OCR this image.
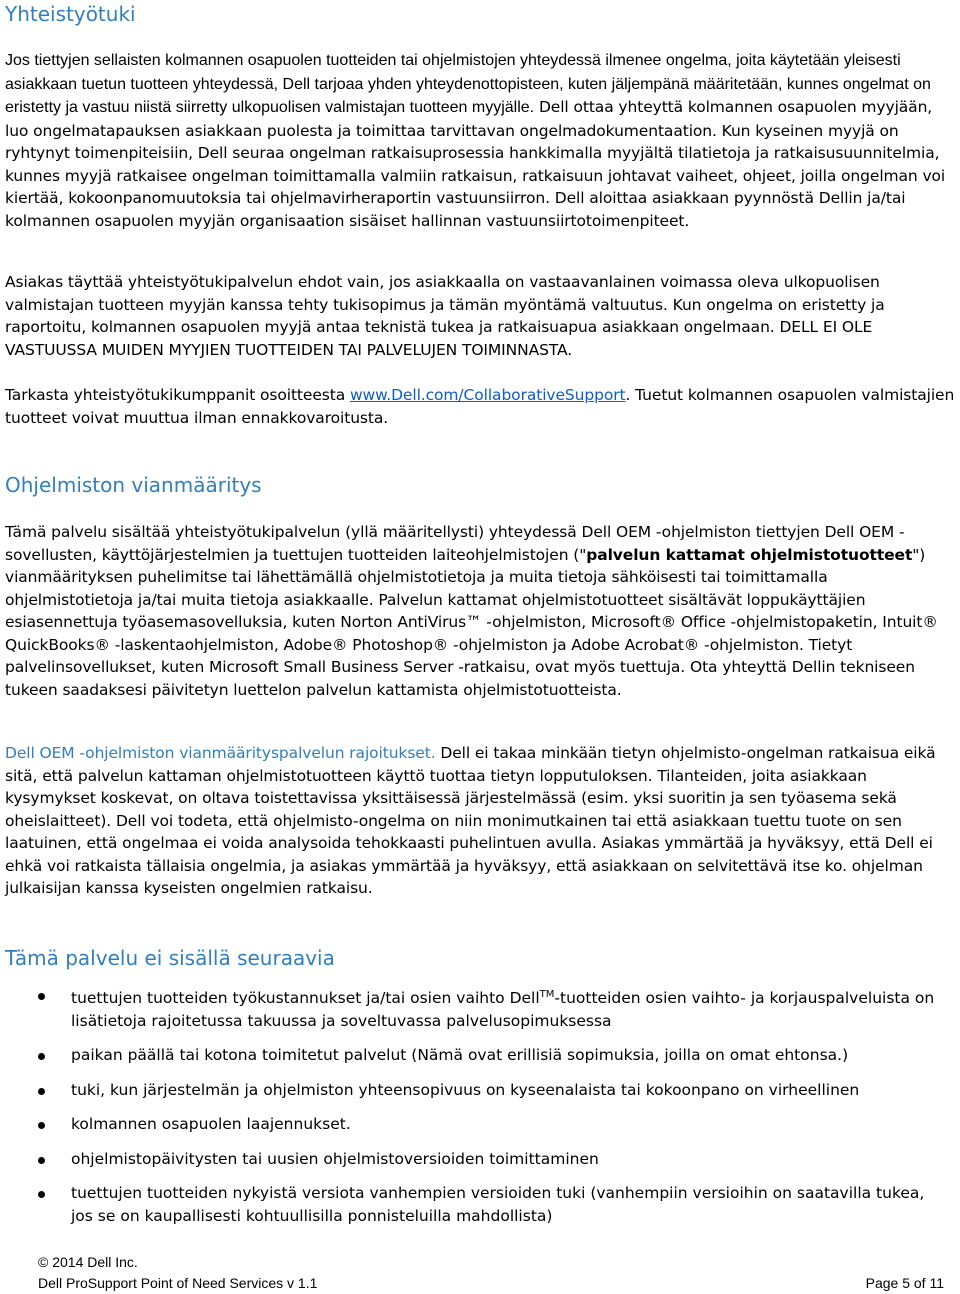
Yhteistyötuki

Jos tiettyjen sellaisten kolmannen osapuolen tuotteiden tai ohjelmistojen yhteydessä ilmenee ongelma, joita käytetään yleisesti asiakkaan tuetun tuotteen yhteydessä, Dell tarjoaa yhden yhteydenottopisteen, kuten jäljempänä määritetään, kunnes ongelmat on eristetty ja vastuu niistä siirretty ulkopuolisen valmistajan tuotteen myyjälle. Dell ottaa yhteyttä kolmannen osapuolen myyjään, luo ongelmatapauksen asiakkaan puolesta ja toimittaa tarvittavan ongelmadokumentaation. Kun kyseinen myyjä on ryhtynyt toimenpiteisiin, Dell seuraa ongelman ratkaisuprosessia hankkimalla myyjältä tilatietoja ja ratkaisusuunnitelmia, kunnes myyjä ratkaisee ongelman toimittamalla valmiin ratkaisun, ratkaisuun johtavat vaiheet, ohjeet, joilla ongelman voi kiertää, kokoonpanomuutoksia tai ohjelmavirheraportin vastuunsiirron. Dell aloittaa asiakkaan pyynnöstä Dellin ja/tai kolmannen osapuolen myyjän organisaation sisäiset hallinnan vastuunsiirtotoimenpiteet.

Asiakas täyttää yhteistyötukipalvelun ehdot vain, jos asiakkaalla on vastaavanlainen voimassa oleva ulkopuolisen valmistajan tuotteen myyjän kanssa tehty tukisopimus ja tämän myöntämä valtuutus. Kun ongelma on eristetty ja raportoitu, kolmannen osapuolen myyjä antaa teknistä tukea ja ratkaisuapua asiakkaan ongelmaan. DELL EI OLE VASTUUSSA MUIDEN MYYJIEN TUOTTEIDEN TAI PALVELUJEN TOIMINNASTA.

Tarkasta yhteistyötukikumppanit osoitteesta www.Dell.com/CollaborativeSupport. Tuetut kolmannen osapuolen valmistajien tuotteet voivat muuttua ilman ennakkovaroitusta.

Ohjelmiston vianmääritys

Tämä palvelu sisältää yhteistyötukipalvelun (yllä määritellysti) yhteydessä Dell OEM -ohjelmiston tiettyjen Dell OEM -sovellusten, käyttöjärjestelmien ja tuettujen tuotteiden laiteohjelmistojen ("palvelun kattamat ohjelmistotuotteet") vianmäärityksen puhelimitse tai lähettämällä ohjelmistotietoja ja muita tietoja sähköisesti tai toimittamalla ohjelmistotietoja ja/tai muita tietoja asiakkaalle. Palvelun kattamat ohjelmistotuotteet sisältävät loppukäyttäjien esiasennettuja työasemasovelluksia, kuten Norton AntiVirus™ -ohjelmiston, Microsoft® Office -ohjelmistopaketin, Intuit® QuickBooks® -laskentaohjelmiston, Adobe® Photoshop® -ohjelmiston ja Adobe Acrobat® -ohjelmiston. Tietyt palvelinsovellukset, kuten Microsoft Small Business Server -ratkaisu, ovat myös tuettuja. Ota yhteyttä Dellin tekniseen tukeen saadaksesi päivitetyn luettelon palvelun kattamista ohjelmistotuotteista.

Dell OEM -ohjelmiston vianmäärityspalvelun rajoitukset. Dell ei takaa minkään tietyn ohjelmisto-ongelman ratkaisua eikä sitä, että palvelun kattaman ohjelmistotuotteen käyttö tuottaa tietyn lopputuloksen. Tilanteiden, joita asiakkaan kysymykset koskevat, on oltava toistettavissa yksittäisessä järjestelmässä (esim. yksi suoritin ja sen työasema sekä oheislaitteet). Dell voi todeta, että ohjelmisto-ongelma on niin monimutkainen tai että asiakkaan tuettu tuote on sen laatuinen, että ongelmaa ei voida analysoida tehokkaasti puhelintuen avulla. Asiakas ymmärtää ja hyväksyy, että Dell ei ehkä voi ratkaista tällaisia ongelmia, ja asiakas ymmärtää ja hyväksyy, että asiakkaan on selvitettävä itse ko. ohjelman julkaisijan kanssa kyseisten ongelmien ratkaisu.

Tämä palvelu ei sisällä seuraavia
tuettujen tuotteiden työkustannukset ja/tai osien vaihto Dell™-tuotteiden osien vaihto- ja korjauspalveluista on lisätietoja rajoitetussa takuussa ja soveltuvassa palvelusopimuksessa
paikan päällä tai kotona toimitetut palvelut (Nämä ovat erillisiä sopimuksia, joilla on omat ehtonsa.)
tuki, kun järjestelmän ja ohjelmiston yhteensopivuus on kyseenalaista tai kokoonpano on virheellinen
kolmannen osapuolen laajennukset.
ohjelmistopäivitysten tai uusien ohjelmistoversioiden toimittaminen
tuettujen tuotteiden nykyistä versiota vanhempien versioiden tuki (vanhempiin versioihin on saatavilla tukea, jos se on kaupallisesti kohtuullisilla ponnisteluilla mahdollista)
© 2014 Dell Inc.
Dell ProSupport Point of Need Services v 1.1	Page 5 of 11
